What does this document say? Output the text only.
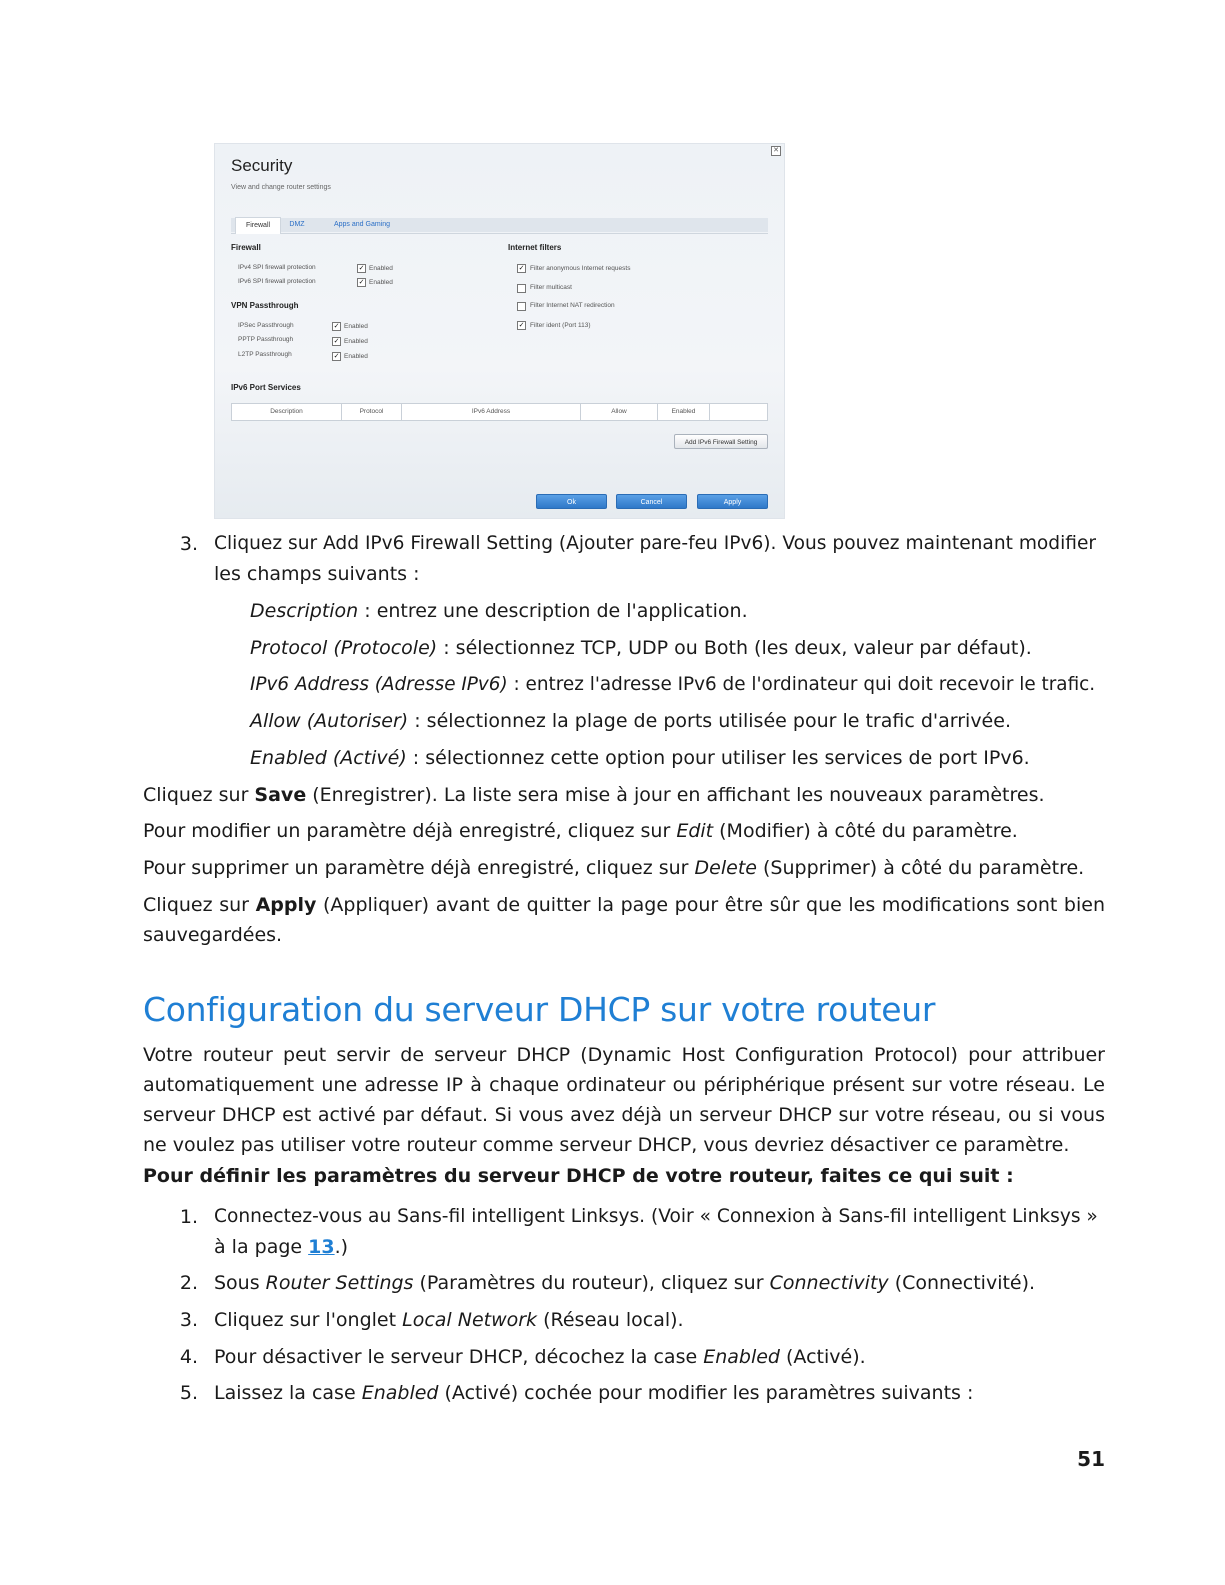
✕
Security
View and change router settings
Firewall	DMZ	Apps and Gaming
Firewall
IPv4 SPI firewall protection	✓ Enabled
IPv6 SPI firewall protection	✓ Enabled
VPN Passthrough
IPSec Passthrough	✓ Enabled
PPTP Passthrough	✓ Enabled
L2TP Passthrough	✓ Enabled
Internet filters
✓ Filter anonymous Internet requests
Filter multicast
Filter Internet NAT redirection
✓ Filter ident (Port 113)
IPv6 Port Services
Description	Protocol	IPv6 Address	Allow	Enabled
Add IPv6 Firewall Setting
Ok	Cancel	Apply
3. Cliquez sur Add IPv6 Firewall Setting (Ajouter pare-feu IPv6). Vous pouvez maintenant modifier
les champs suivants :
Description : entrez une description de l'application.
Protocol (Protocole) : sélectionnez TCP, UDP ou Both (les deux, valeur par défaut).
IPv6 Address (Adresse IPv6) : entrez l'adresse IPv6 de l'ordinateur qui doit recevoir le trafic.
Allow (Autoriser) : sélectionnez la plage de ports utilisée pour le trafic d'arrivée.
Enabled (Activé) : sélectionnez cette option pour utiliser les services de port IPv6.
Cliquez sur Save (Enregistrer). La liste sera mise à jour en affichant les nouveaux paramètres.
Pour modifier un paramètre déjà enregistré, cliquez sur Edit (Modifier) à côté du paramètre.
Pour supprimer un paramètre déjà enregistré, cliquez sur Delete (Supprimer) à côté du paramètre.
Cliquez sur Apply (Appliquer) avant de quitter la page pour être sûr que les modifications sont bien sauvegardées.
Configuration du serveur DHCP sur votre routeur
Votre routeur peut servir de serveur DHCP (Dynamic Host Configuration Protocol) pour attribuer automatiquement une adresse IP à chaque ordinateur ou périphérique présent sur votre réseau. Le serveur DHCP est activé par défaut. Si vous avez déjà un serveur DHCP sur votre réseau, ou si vous ne voulez pas utiliser votre routeur comme serveur DHCP, vous devriez désactiver ce paramètre.
Pour définir les paramètres du serveur DHCP de votre routeur, faites ce qui suit :
1. Connectez-vous au Sans-fil intelligent Linksys. (Voir « Connexion à Sans-fil intelligent Linksys »
à la page 13.)
2. Sous Router Settings (Paramètres du routeur), cliquez sur Connectivity (Connectivité).
3. Cliquez sur l'onglet Local Network (Réseau local).
4. Pour désactiver le serveur DHCP, décochez la case Enabled (Activé).
5. Laissez la case Enabled (Activé) cochée pour modifier les paramètres suivants :
51
